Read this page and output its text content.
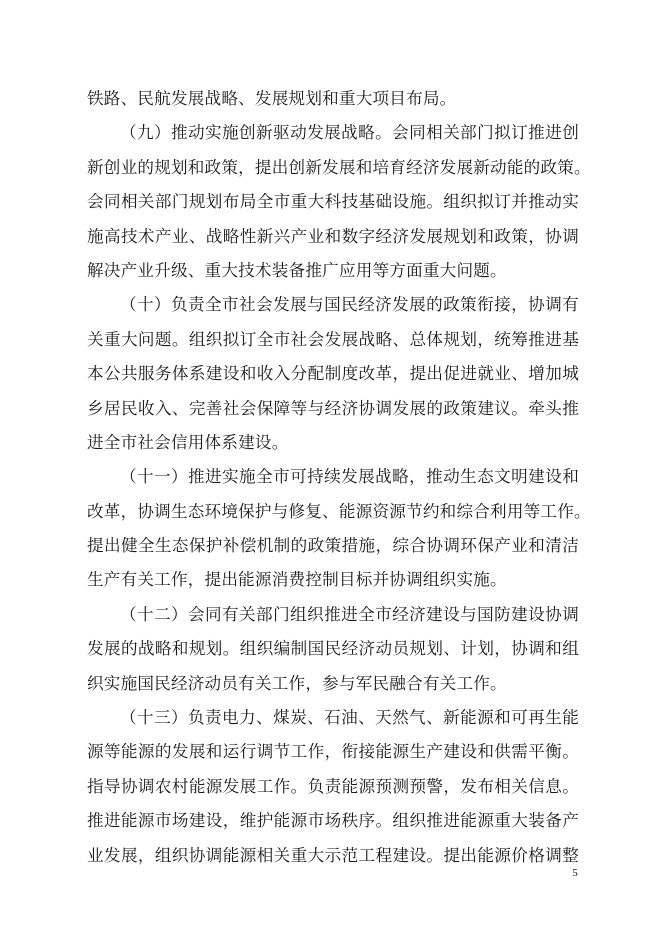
铁路、民航发展战略、发展规划和重大项目布局。
（九）推动实施创新驱动发展战略。会同相关部门拟订推进创
新创业的规划和政策，提出创新发展和培育经济发展新动能的政策。
会同相关部门规划布局全市重大科技基础设施。组织拟订并推动实
施高技术产业、战略性新兴产业和数字经济发展规划和政策，协调
解决产业升级、重大技术装备推广应用等方面重大问题。
（十）负责全市社会发展与国民经济发展的政策衔接，协调有
关重大问题。组织拟订全市社会发展战略、总体规划，统筹推进基
本公共服务体系建设和收入分配制度改革，提出促进就业、增加城
乡居民收入、完善社会保障等与经济协调发展的政策建议。牵头推
进全市社会信用体系建设。
（十一）推进实施全市可持续发展战略，推动生态文明建设和
改革，协调生态环境保护与修复、能源资源节约和综合利用等工作。
提出健全生态保护补偿机制的政策措施，综合协调环保产业和清洁
生产有关工作，提出能源消费控制目标并协调组织实施。
（十二）会同有关部门组织推进全市经济建设与国防建设协调
发展的战略和规划。组织编制国民经济动员规划、计划，协调和组
织实施国民经济动员有关工作，参与军民融合有关工作。
（十三）负责电力、煤炭、石油、天然气、新能源和可再生能
源等能源的发展和运行调节工作，衔接能源生产建设和供需平衡。
指导协调农村能源发展工作。负责能源预测预警，发布相关信息。
推进能源市场建设，维护能源市场秩序。组织推进能源重大装备产
业发展，组织协调能源相关重大示范工程建设。提出能源价格调整
5
